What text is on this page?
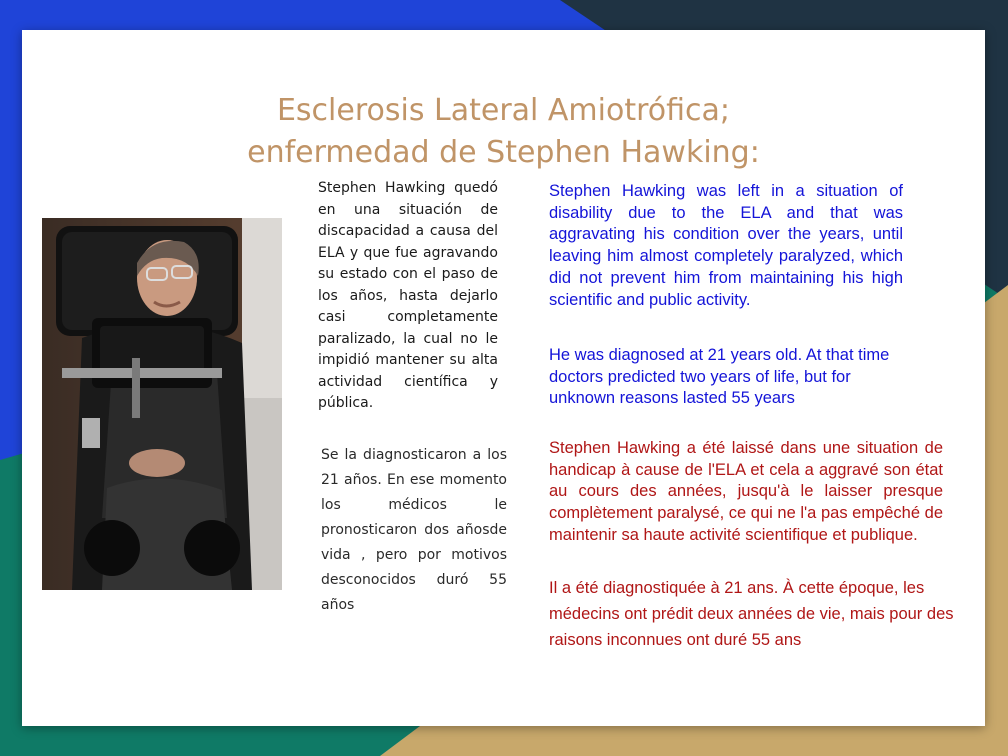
Esclerosis Lateral Amiotrófica;
enfermedad de Stephen Hawking:

Stephen Hawking quedó en una situación de discapacidad a causa del ELA y que fue agravando su estado con el paso de los años, hasta dejarlo casi completamente paralizado, la cual no le impidió mantener su alta actividad científica y pública.

Se la diagnosticaron a los 21 años. En ese momento los médicos le pronosticaron dos añosde vida , pero por motivos desconocidos duró 55 años

Stephen Hawking was left in a situation of disability due to the ELA and that was aggravating his condition over the years, until leaving him almost completely paralyzed, which did not prevent him from maintaining his high scientific and public activity.

He was diagnosed at 21 years old. At that time doctors predicted two years of life, but for unknown reasons lasted 55 years

Stephen Hawking a été laissé dans une situation de handicap à cause de l'ELA et cela a aggravé son état au cours des années, jusqu'à le laisser presque complètement paralysé, ce qui ne l'a pas empêché de maintenir sa haute activité scientifique et publique.

Il a été diagnostiquée à 21 ans. À cette époque, les médecins ont prédit deux années de vie, mais pour des raisons inconnues ont duré 55 ans
